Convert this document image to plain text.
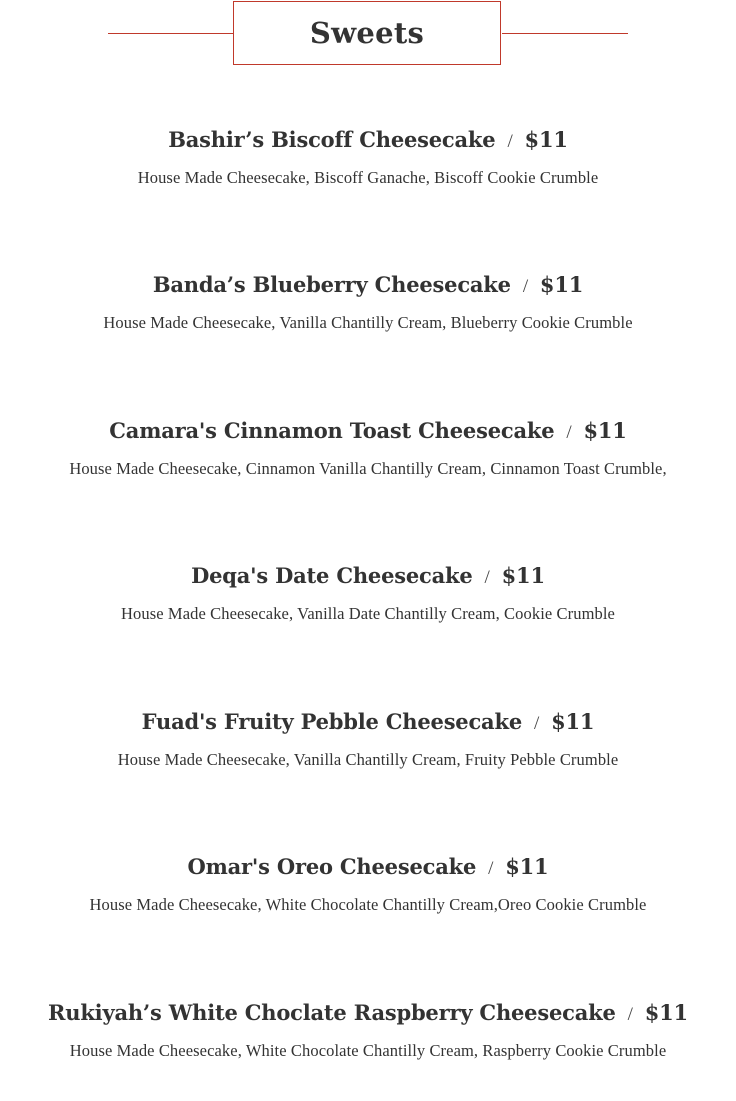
Sweets
Bashir’s Biscoff Cheesecake / $11
House Made Cheesecake, Biscoff Ganache, Biscoff Cookie Crumble
Banda’s Blueberry Cheesecake / $11
House Made Cheesecake, Vanilla Chantilly Cream, Blueberry Cookie Crumble
Camara's Cinnamon Toast Cheesecake / $11
House Made Cheesecake, Cinnamon Vanilla Chantilly Cream, Cinnamon Toast Crumble,
Deqa's Date Cheesecake / $11
House Made Cheesecake, Vanilla Date Chantilly Cream, Cookie Crumble
Fuad's Fruity Pebble Cheesecake / $11
House Made Cheesecake, Vanilla Chantilly Cream, Fruity Pebble Crumble
Omar's Oreo Cheesecake / $11
House Made Cheesecake, White Chocolate Chantilly Cream,Oreo Cookie Crumble
Rukiyah’s White Choclate Raspberry Cheesecake / $11
House Made Cheesecake, White Chocolate Chantilly Cream, Raspberry Cookie Crumble
